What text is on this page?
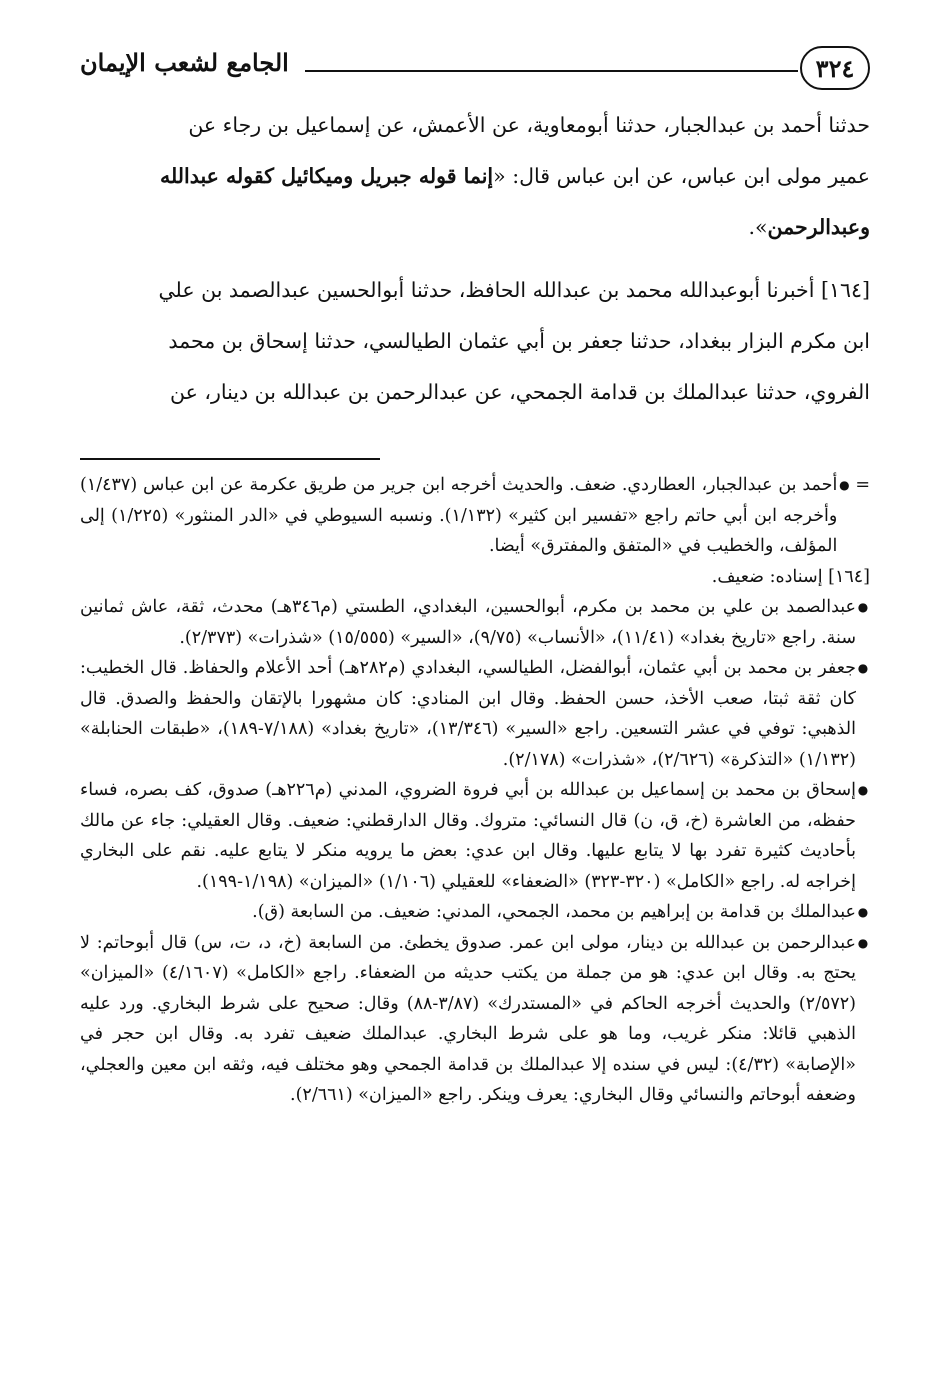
٣٢٤
الجامع لشعب الإيمان

حدثنا أحمد بن عبدالجبار، حدثنا أبومعاوية، عن الأعمش، عن إسماعيل بن رجاء عن

عمير مولى ابن عباس، عن ابن عباس قال: «إنما قوله جبريل وميكائيل كقوله عبدالله

وعبدالرحمن».

[١٦٤] أخبرنا أبوعبدالله محمد بن عبدالله الحافظ، حدثنا أبوالحسين عبدالصمد بن علي

ابن مكرم البزار ببغداد، حدثنا جعفر بن أبي عثمان الطيالسي، حدثنا إسحاق بن محمد

الفروي، حدثنا عبدالملك بن قدامة الجمحي، عن عبدالرحمن بن عبدالله بن دينار، عن

=
●
أحمد بن عبدالجبار، العطاردي. ضعف. والحديث أخرجه ابن جرير من طريق عكرمة عن ابن عباس (١/٤٣٧) وأخرجه ابن أبي حاتم راجع «تفسير ابن كثير» (١/١٣٢). ونسبه السيوطي في «الدر المنثور» (١/٢٢٥) إلى المؤلف، والخطيب في «المتفق والمفترق» أيضا.
[١٦٤] إسناده: ضعيف.
●
عبدالصمد بن علي بن محمد بن مكرم، أبوالحسين، البغدادي، الطستي (م٣٤٦هـ) محدث، ثقة، عاش ثمانين سنة. راجع «تاريخ بغداد» (١١/٤١)، «الأنساب» (٩/٧٥)، «السير» (١٥/٥٥٥) «شذرات» (٢/٣٧٣).
●
جعفر بن محمد بن أبي عثمان، أبوالفضل، الطيالسي، البغدادي (م٢٨٢هـ) أحد الأعلام والحفاظ. قال الخطيب: كان ثقة ثبتا، صعب الأخذ، حسن الحفظ. وقال ابن المنادي: كان مشهورا بالإتقان والحفظ والصدق. قال الذهبي: توفي في عشر التسعين. راجع «السير» (١٣/٣٤٦)، «تاريخ بغداد» (٧/١٨٨-١٨٩)، «طبقات الحنابلة» (١/١٣٢) «التذكرة» (٢/٦٢٦)، «شذرات» (٢/١٧٨).
●
إسحاق بن محمد بن إسماعيل بن عبدالله بن أبي فروة الضروي، المدني (م٢٢٦هـ) صدوق، كف بصره، فساء حفظه، من العاشرة (خ، ق، ن) قال النسائي: متروك. وقال الدارقطني: ضعيف. وقال العقيلي: جاء عن مالك بأحاديث كثيرة تفرد بها لا يتابع عليها. وقال ابن عدي: بعض ما يرويه منكر لا يتابع عليه. نقم على البخاري إخراجه له. راجع «الكامل» (٣٢٠-٣٢٣) «الضعفاء» للعقيلي (١/١٠٦) «الميزان» (١/١٩٨-١٩٩).
●
عبدالملك بن قدامة بن إبراهيم بن محمد، الجمحي، المدني: ضعيف. من السابعة (ق).
●
عبدالرحمن بن عبدالله بن دينار، مولى ابن عمر. صدوق يخطئ. من السابعة (خ، د، ت، س) قال أبوحاتم: لا يحتج به. وقال ابن عدي: هو من جملة من يكتب حديثه من الضعفاء. راجع «الكامل» (٤/١٦٠٧) «الميزان» (٢/٥٧٢) والحديث أخرجه الحاكم في «المستدرك» (٣/٨٧-٨٨) وقال: صحيح على شرط البخاري. ورد عليه الذهبي قائلا: منكر غريب، وما هو على شرط البخاري. عبدالملك ضعيف تفرد به. وقال ابن حجر في «الإصابة» (٤/٣٢): ليس في سنده إلا عبدالملك بن قدامة الجمحي وهو مختلف فيه، وثقه ابن معين والعجلي، وضعفه أبوحاتم والنسائي وقال البخاري: يعرف وينكر. راجع «الميزان» (٢/٦٦١).
